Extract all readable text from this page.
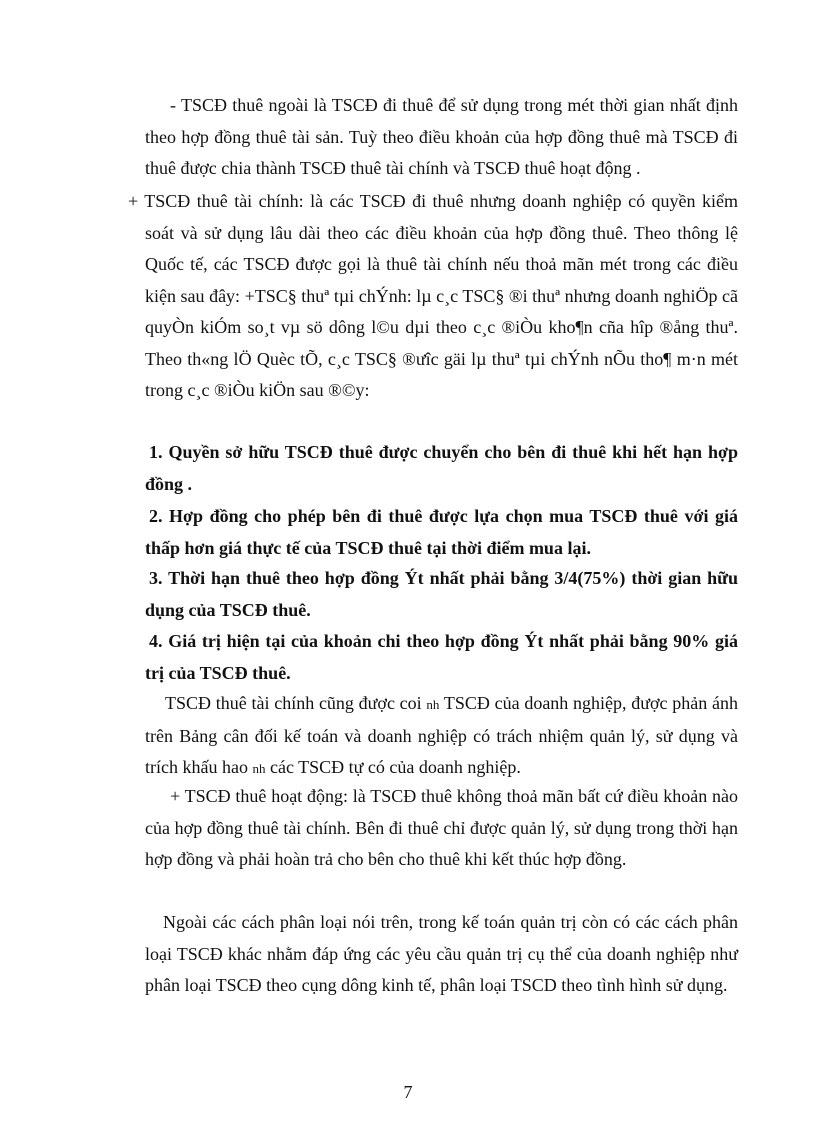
- TSCĐ thuê ngoài là TSCĐ đi thuê để sử dụng trong mét thời gian nhất định theo hợp đồng thuê tài sản. Tuỳ theo điều khoản của hợp đồng thuê mà TSCĐ đi thuê được chia thành TSCĐ thuê tài chính và TSCĐ thuê hoạt động .

+ TSCĐ thuê tài chính: là các TSCĐ đi thuê nhưng doanh nghiệp có quyền kiểm soát và sử dụng lâu dài theo các điều khoản của hợp đồng thuê. Theo thông lệ Quốc tế, các TSCĐ được gọi là thuê tài chính nếu thoả mãn mét trong các điều kiện sau đây: +TSC§ thuª tµi chÝnh: lµ c¸c TSC§ ®i thuª nhưng doanh nghiÖp cã quyÒn kiÓm so¸t vµ sö dông l©u dµi theo c¸c ®iÒu kho¶n cña hîp ®ång thuª. Theo th«ng lÖ Quèc tÕ, c¸c TSC§ ®ưîc gäi lµ thuª tµi chÝnh nÕu tho¶ m·n mét trong c¸c ®iÒu kiÖn sau ®©y:

1. Quyền sở hữu TSCĐ thuê được chuyển cho bên đi thuê khi hết hạn hợp đồng .

2. Hợp đồng cho phép bên đi thuê được lựa chọn mua TSCĐ thuê với giá thấp hơn giá thực tế của TSCĐ thuê tại thời điểm mua lại.

3. Thời hạn thuê theo hợp đồng Ýt nhất phải bằng 3/4(75%) thời gian hữu dụng của TSCĐ thuê.

4. Giá trị hiện tại của khoản chi theo hợp đồng Ýt nhất phải bằng 90% giá trị của TSCĐ thuê.

TSCĐ thuê tài chính cũng được coi nh TSCĐ của doanh nghiệp, được phản ánh trên Bảng cân đối kế toán và doanh nghiệp có trách nhiệm quản lý, sử dụng và trích khấu hao nh các TSCĐ tự có của doanh nghiệp.

+ TSCĐ thuê hoạt động: là TSCĐ thuê không thoả mãn bất cứ điều khoản nào của hợp đồng thuê tài chính. Bên đi thuê chỉ được quản lý, sử dụng trong thời hạn hợp đồng và phải hoàn trả cho bên cho thuê khi kết thúc hợp đồng.

Ngoài các cách phân loại nói trên, trong kế toán quản trị còn có các cách phân loại TSCĐ khác nhằm đáp ứng các yêu cầu quản trị cụ thể của doanh nghiệp như phân loại TSCĐ theo cụng dông kinh tế, phân loại TSCD theo tình hình sử dụng.

7
